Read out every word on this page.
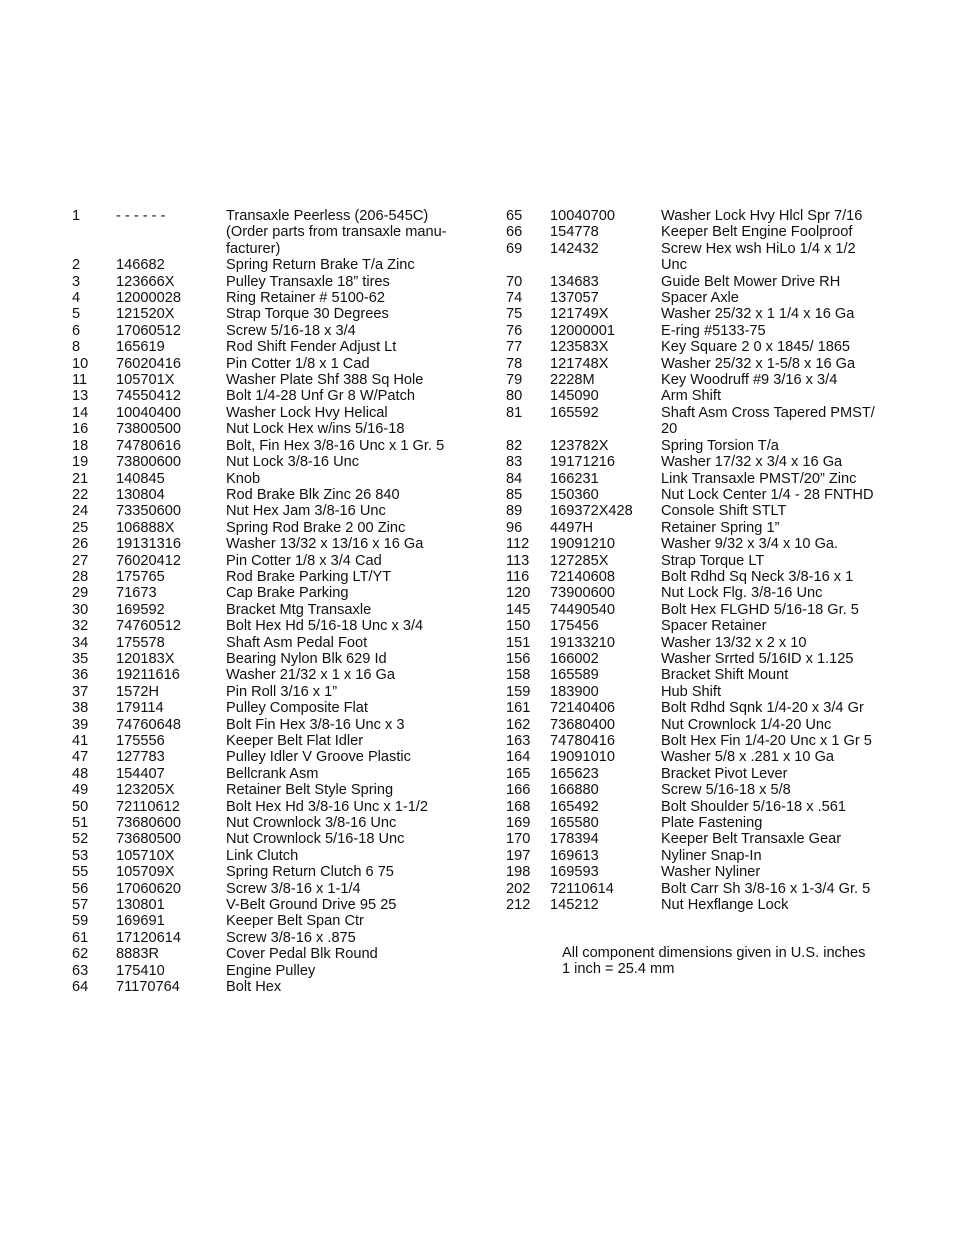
1	- - - - - -	Transaxle Peerless (206-545C)
(Order parts from transaxle manu-
facturer)
2	146682	Spring Return Brake T/a Zinc
3	123666X	Pulley Transaxle 18” tires
4	12000028	Ring Retainer # 5100-62
5	121520X	Strap Torque 30 Degrees
6	17060512	Screw 5/16-18 x 3/4
8	165619	Rod Shift Fender Adjust Lt
10	76020416	Pin Cotter 1/8 x 1 Cad
11	105701X	Washer Plate Shf 388 Sq Hole
13	74550412	Bolt 1/4-28 Unf Gr 8 W/Patch
14	10040400	Washer Lock Hvy Helical
16	73800500	Nut Lock Hex w/ins 5/16-18
18	74780616	Bolt, Fin Hex 3/8-16 Unc x 1 Gr. 5
19	73800600	Nut Lock 3/8-16 Unc
21	140845	Knob
22	130804	Rod Brake Blk Zinc 26 840
24	73350600	Nut Hex Jam 3/8-16 Unc
25	106888X	Spring Rod Brake 2 00 Zinc
26	19131316	Washer 13/32 x 13/16 x 16 Ga
27	76020412	Pin Cotter 1/8 x 3/4 Cad
28	175765	Rod Brake Parking LT/YT
29	71673	Cap Brake Parking
30	169592	Bracket Mtg Transaxle
32	74760512	Bolt Hex Hd 5/16-18 Unc x 3/4
34	175578	Shaft Asm Pedal Foot
35	120183X	Bearing Nylon Blk 629 Id
36	19211616	Washer 21/32 x 1 x 16 Ga
37	1572H	Pin Roll 3/16 x 1”
38	179114	Pulley Composite Flat
39	74760648	Bolt Fin Hex 3/8-16 Unc x 3
41	175556	Keeper Belt Flat Idler
47	127783	Pulley Idler V Groove Plastic
48	154407	Bellcrank Asm
49	123205X	Retainer Belt Style Spring
50	72110612	Bolt Hex Hd 3/8-16 Unc x 1-1/2
51	73680600	Nut Crownlock 3/8-16 Unc
52	73680500	Nut Crownlock 5/16-18 Unc
53	105710X	Link Clutch
55	105709X	Spring Return Clutch 6 75
56	17060620	Screw 3/8-16 x 1-1/4
57	130801	V-Belt Ground Drive 95 25
59	169691	Keeper Belt Span Ctr
61	17120614	Screw 3/8-16 x .875
62	8883R	Cover Pedal Blk Round
63	175410	Engine Pulley
64	71170764	Bolt Hex
65	10040700	Washer Lock Hvy Hlcl Spr 7/16
66	154778	Keeper Belt Engine Foolproof
69	142432	Screw Hex wsh HiLo 1/4 x 1/2
Unc
70	134683	Guide Belt Mower Drive RH
74	137057	Spacer Axle
75	121749X	Washer 25/32 x 1 1/4 x 16 Ga
76	12000001	E-ring #5133-75
77	123583X	Key Square 2 0 x 1845/ 1865
78	121748X	Washer 25/32 x 1-5/8 x 16 Ga
79	2228M	Key Woodruff #9 3/16 x 3/4
80	145090	Arm Shift
81	165592	Shaft Asm Cross Tapered PMST/
20
82	123782X	Spring Torsion T/a
83	19171216	Washer 17/32 x 3/4 x 16 Ga
84	166231	Link Transaxle PMST/20” Zinc
85	150360	Nut Lock Center 1/4 - 28 FNTHD
89	169372X428	Console Shift STLT
96	4497H	Retainer Spring 1”
112	19091210	Washer 9/32 x 3/4 x 10 Ga.
113	127285X	Strap Torque LT
116	72140608	Bolt Rdhd Sq Neck 3/8-16 x 1
120	73900600	Nut Lock Flg. 3/8-16 Unc
145	74490540	Bolt Hex FLGHD 5/16-18 Gr. 5
150	175456	Spacer Retainer
151	19133210	Washer 13/32 x 2 x 10
156	166002	Washer Srrted 5/16ID x 1.125
158	165589	Bracket Shift Mount
159	183900	Hub Shift
161	72140406	Bolt Rdhd Sqnk 1/4-20 x 3/4 Gr
162	73680400	Nut Crownlock 1/4-20 Unc
163	74780416	Bolt Hex Fin 1/4-20 Unc x 1 Gr 5
164	19091010	Washer 5/8 x .281 x 10 Ga
165	165623	Bracket Pivot Lever
166	166880	Screw 5/16-18 x 5/8
168	165492	Bolt Shoulder 5/16-18 x .561
169	165580	Plate Fastening
170	178394	Keeper Belt Transaxle Gear
197	169613	Nyliner Snap-In
198	169593	Washer Nyliner
202	72110614	Bolt Carr Sh 3/8-16 x 1-3/4 Gr. 5
212	145212	Nut Hexflange Lock
All component dimensions given in U.S. inches
1 inch = 25.4 mm
